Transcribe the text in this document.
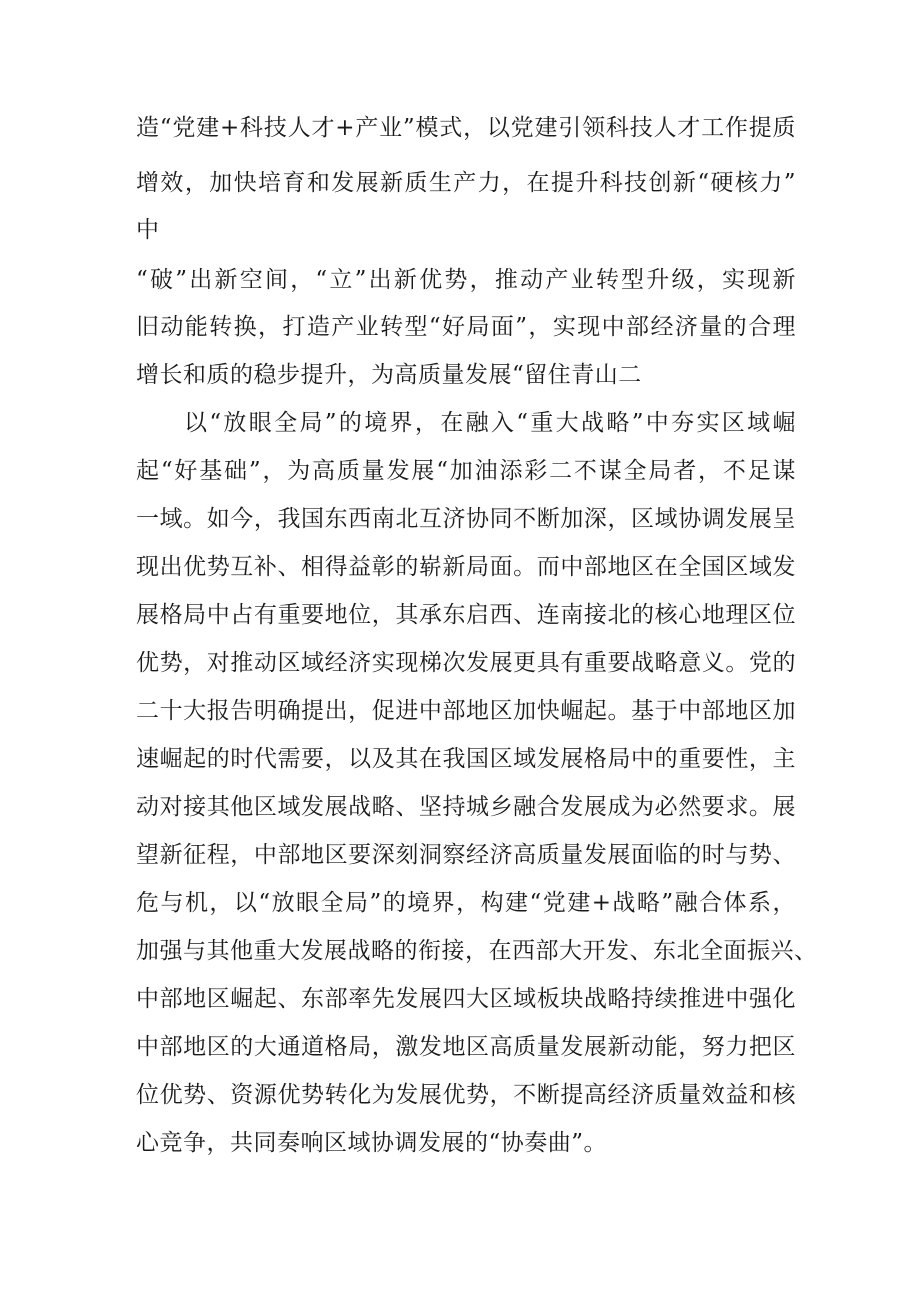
造“党建+科技人才+产业”模式，以党建引领科技人才工作提质
增效，加快培育和发展新质生产力，在提升科技创新“硬核力”
中
“破”出新空间，“立”出新优势，推动产业转型升级，实现新
旧动能转换，打造产业转型“好局面”，实现中部经济量的合理
增长和质的稳步提升，为高质量发展“留住青山二
以“放眼全局”的境界，在融入“重大战略”中夯实区域崛
起“好基础”，为高质量发展“加油添彩二不谋全局者，不足谋
一域。如今，我国东西南北互济协同不断加深，区域协调发展呈
现出优势互补、相得益彰的崭新局面。而中部地区在全国区域发
展格局中占有重要地位，其承东启西、连南接北的核心地理区位
优势，对推动区域经济实现梯次发展更具有重要战略意义。党的
二十大报告明确提出，促进中部地区加快崛起。基于中部地区加
速崛起的时代需要，以及其在我国区域发展格局中的重要性，主
动对接其他区域发展战略、坚持城乡融合发展成为必然要求。展
望新征程，中部地区要深刻洞察经济高质量发展面临的时与势、
危与机，以“放眼全局”的境界，构建“党建+战略”融合体系，
加强与其他重大发展战略的衔接，在西部大开发、东北全面振兴、
中部地区崛起、东部率先发展四大区域板块战略持续推进中强化
中部地区的大通道格局，激发地区高质量发展新动能，努力把区
位优势、资源优势转化为发展优势，不断提高经济质量效益和核
心竞争，共同奏响区域协调发展的“协奏曲”。
